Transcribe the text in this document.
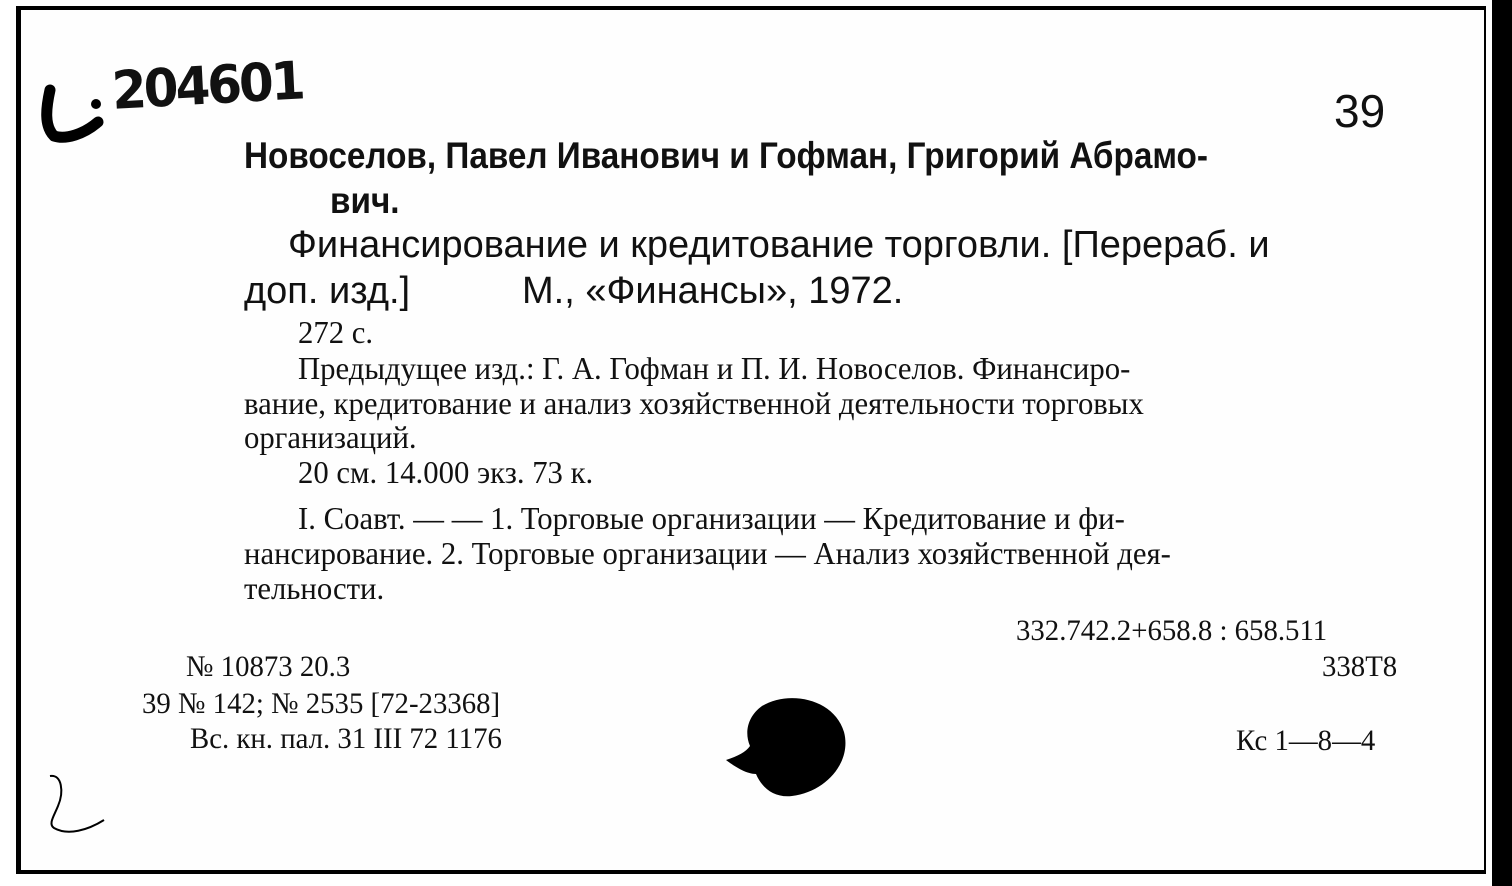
204601	39

Новоселов, Павел Иванович и Гофман, Григорий Абрамо-

вич.

Финансирование и кредитование торговли. [Перераб. и

доп. изд.]	М., «Финансы», 1972.

272 с.

Предыдущее изд.: Г. А. Гофман и П. И. Новоселов. Финансиро-

вание, кредитование и анализ хозяйственной деятельности торговых

организаций.

20 см. 14.000 экз. 73 к.

I. Соавт. — — 1. Торговые организации — Кредитование и фи-

нансирование. 2. Торговые организации — Анализ хозяйственной дея-

тельности.

332.742.2+658.8 : 658.511

338Т8

№ 10873 20.3

39 № 142; № 2535 [72-23368]

Вс. кн. пал. 31 III 72 1176	Кс 1—8—4
